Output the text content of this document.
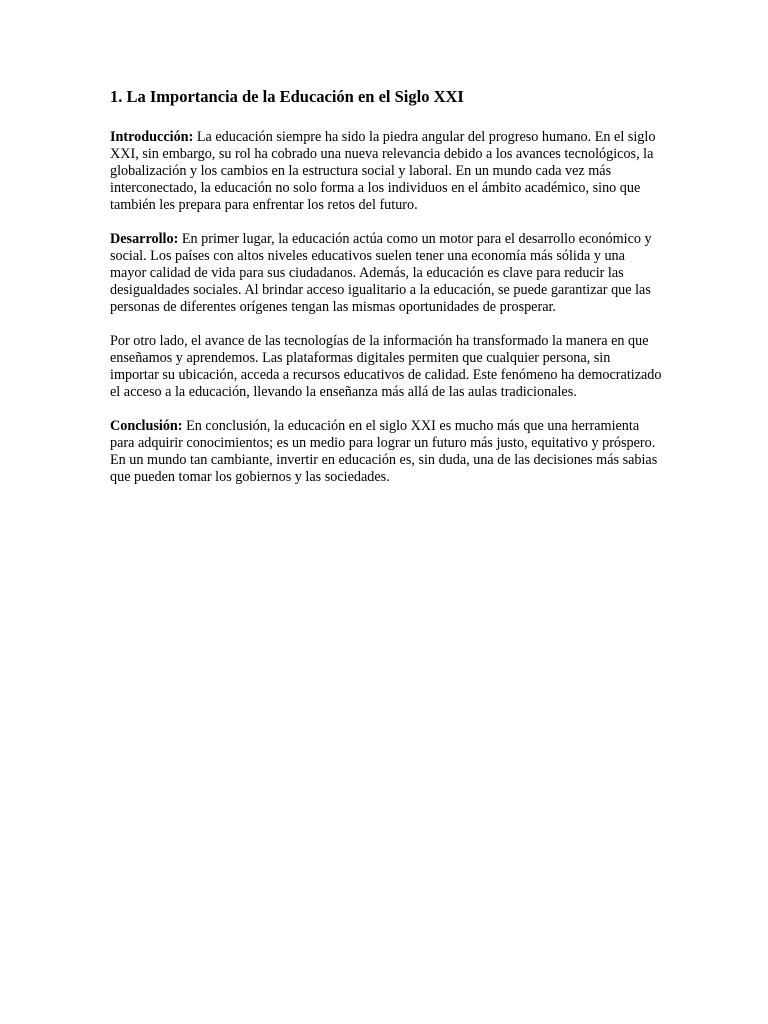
1. La Importancia de la Educación en el Siglo XXI

Introducción: La educación siempre ha sido la piedra angular del progreso humano. En el siglo XXI, sin embargo, su rol ha cobrado una nueva relevancia debido a los avances tecnológicos, la globalización y los cambios en la estructura social y laboral. En un mundo cada vez más interconectado, la educación no solo forma a los individuos en el ámbito académico, sino que también les prepara para enfrentar los retos del futuro.

Desarrollo: En primer lugar, la educación actúa como un motor para el desarrollo económico y social. Los países con altos niveles educativos suelen tener una economía más sólida y una mayor calidad de vida para sus ciudadanos. Además, la educación es clave para reducir las desigualdades sociales. Al brindar acceso igualitario a la educación, se puede garantizar que las personas de diferentes orígenes tengan las mismas oportunidades de prosperar.

Por otro lado, el avance de las tecnologías de la información ha transformado la manera en que enseñamos y aprendemos. Las plataformas digitales permiten que cualquier persona, sin importar su ubicación, acceda a recursos educativos de calidad. Este fenómeno ha democratizado el acceso a la educación, llevando la enseñanza más allá de las aulas tradicionales.

Conclusión: En conclusión, la educación en el siglo XXI es mucho más que una herramienta para adquirir conocimientos; es un medio para lograr un futuro más justo, equitativo y próspero. En un mundo tan cambiante, invertir en educación es, sin duda, una de las decisiones más sabias que pueden tomar los gobiernos y las sociedades.
